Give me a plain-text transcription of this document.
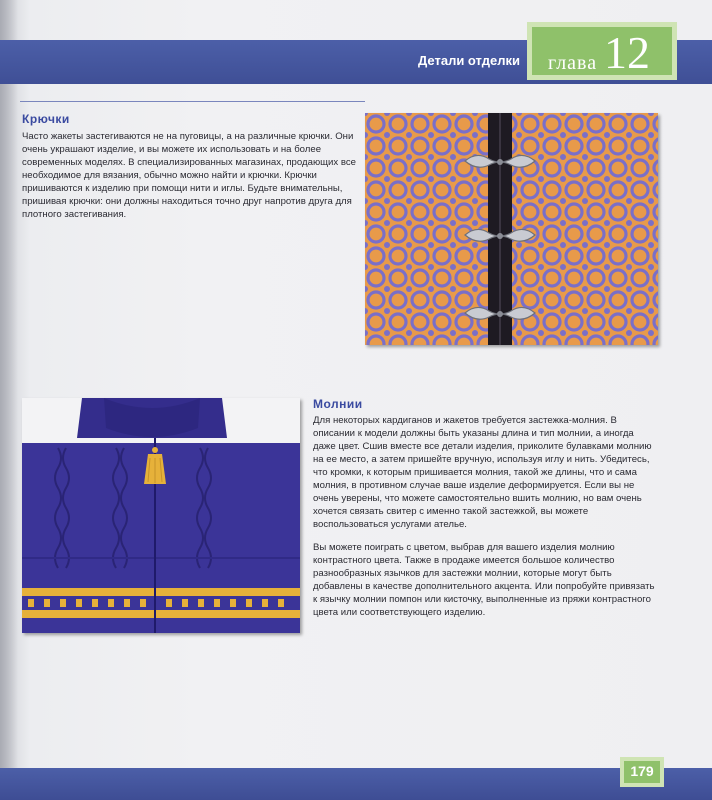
Детали отделки глава 12
Крючки

Часто жакеты застегиваются не на пуговицы, а на различные крючки. Они очень украшают изделие, и вы можете их использовать и на более современных моделях. В специализированных магазинах, продающих все необходимое для вязания, обычно можно найти и крючки. Крючки пришиваются к изделию при помощи нити и иглы. Будьте внимательны, пришивая крючки: они должны находиться точно друг напротив друга для плотного застегивания.

Молнии

Для некоторых кардиганов и жакетов требуется застежка-молния. В описании к модели должны быть указаны длина и тип молнии, а иногда даже цвет. Сшив вместе все детали изделия, приколите булавками молнию на ее место, а затем пришейте вручную, используя иглу и нить. Убедитесь, что кромки, к которым пришивается молния, такой же длины, что и сама молния, в противном случае ваше изделие деформируется. Если вы не очень уверены, что можете самостоятельно вшить молнию, но вам очень хочется связать свитер с именно такой застежкой, вы можете воспользоваться услугами ателье.

Вы можете поиграть с цветом, выбрав для вашего изделия молнию контрастного цвета. Также в продаже имеется большое количество разнообразных язычков для застежки молнии, которые могут быть добавлены в качестве дополнительного акцента. Или попробуйте привязать к язычку молнии помпон или кисточку, выполненные из пряжи контрастного цвета или соответствующего изделию.

179
